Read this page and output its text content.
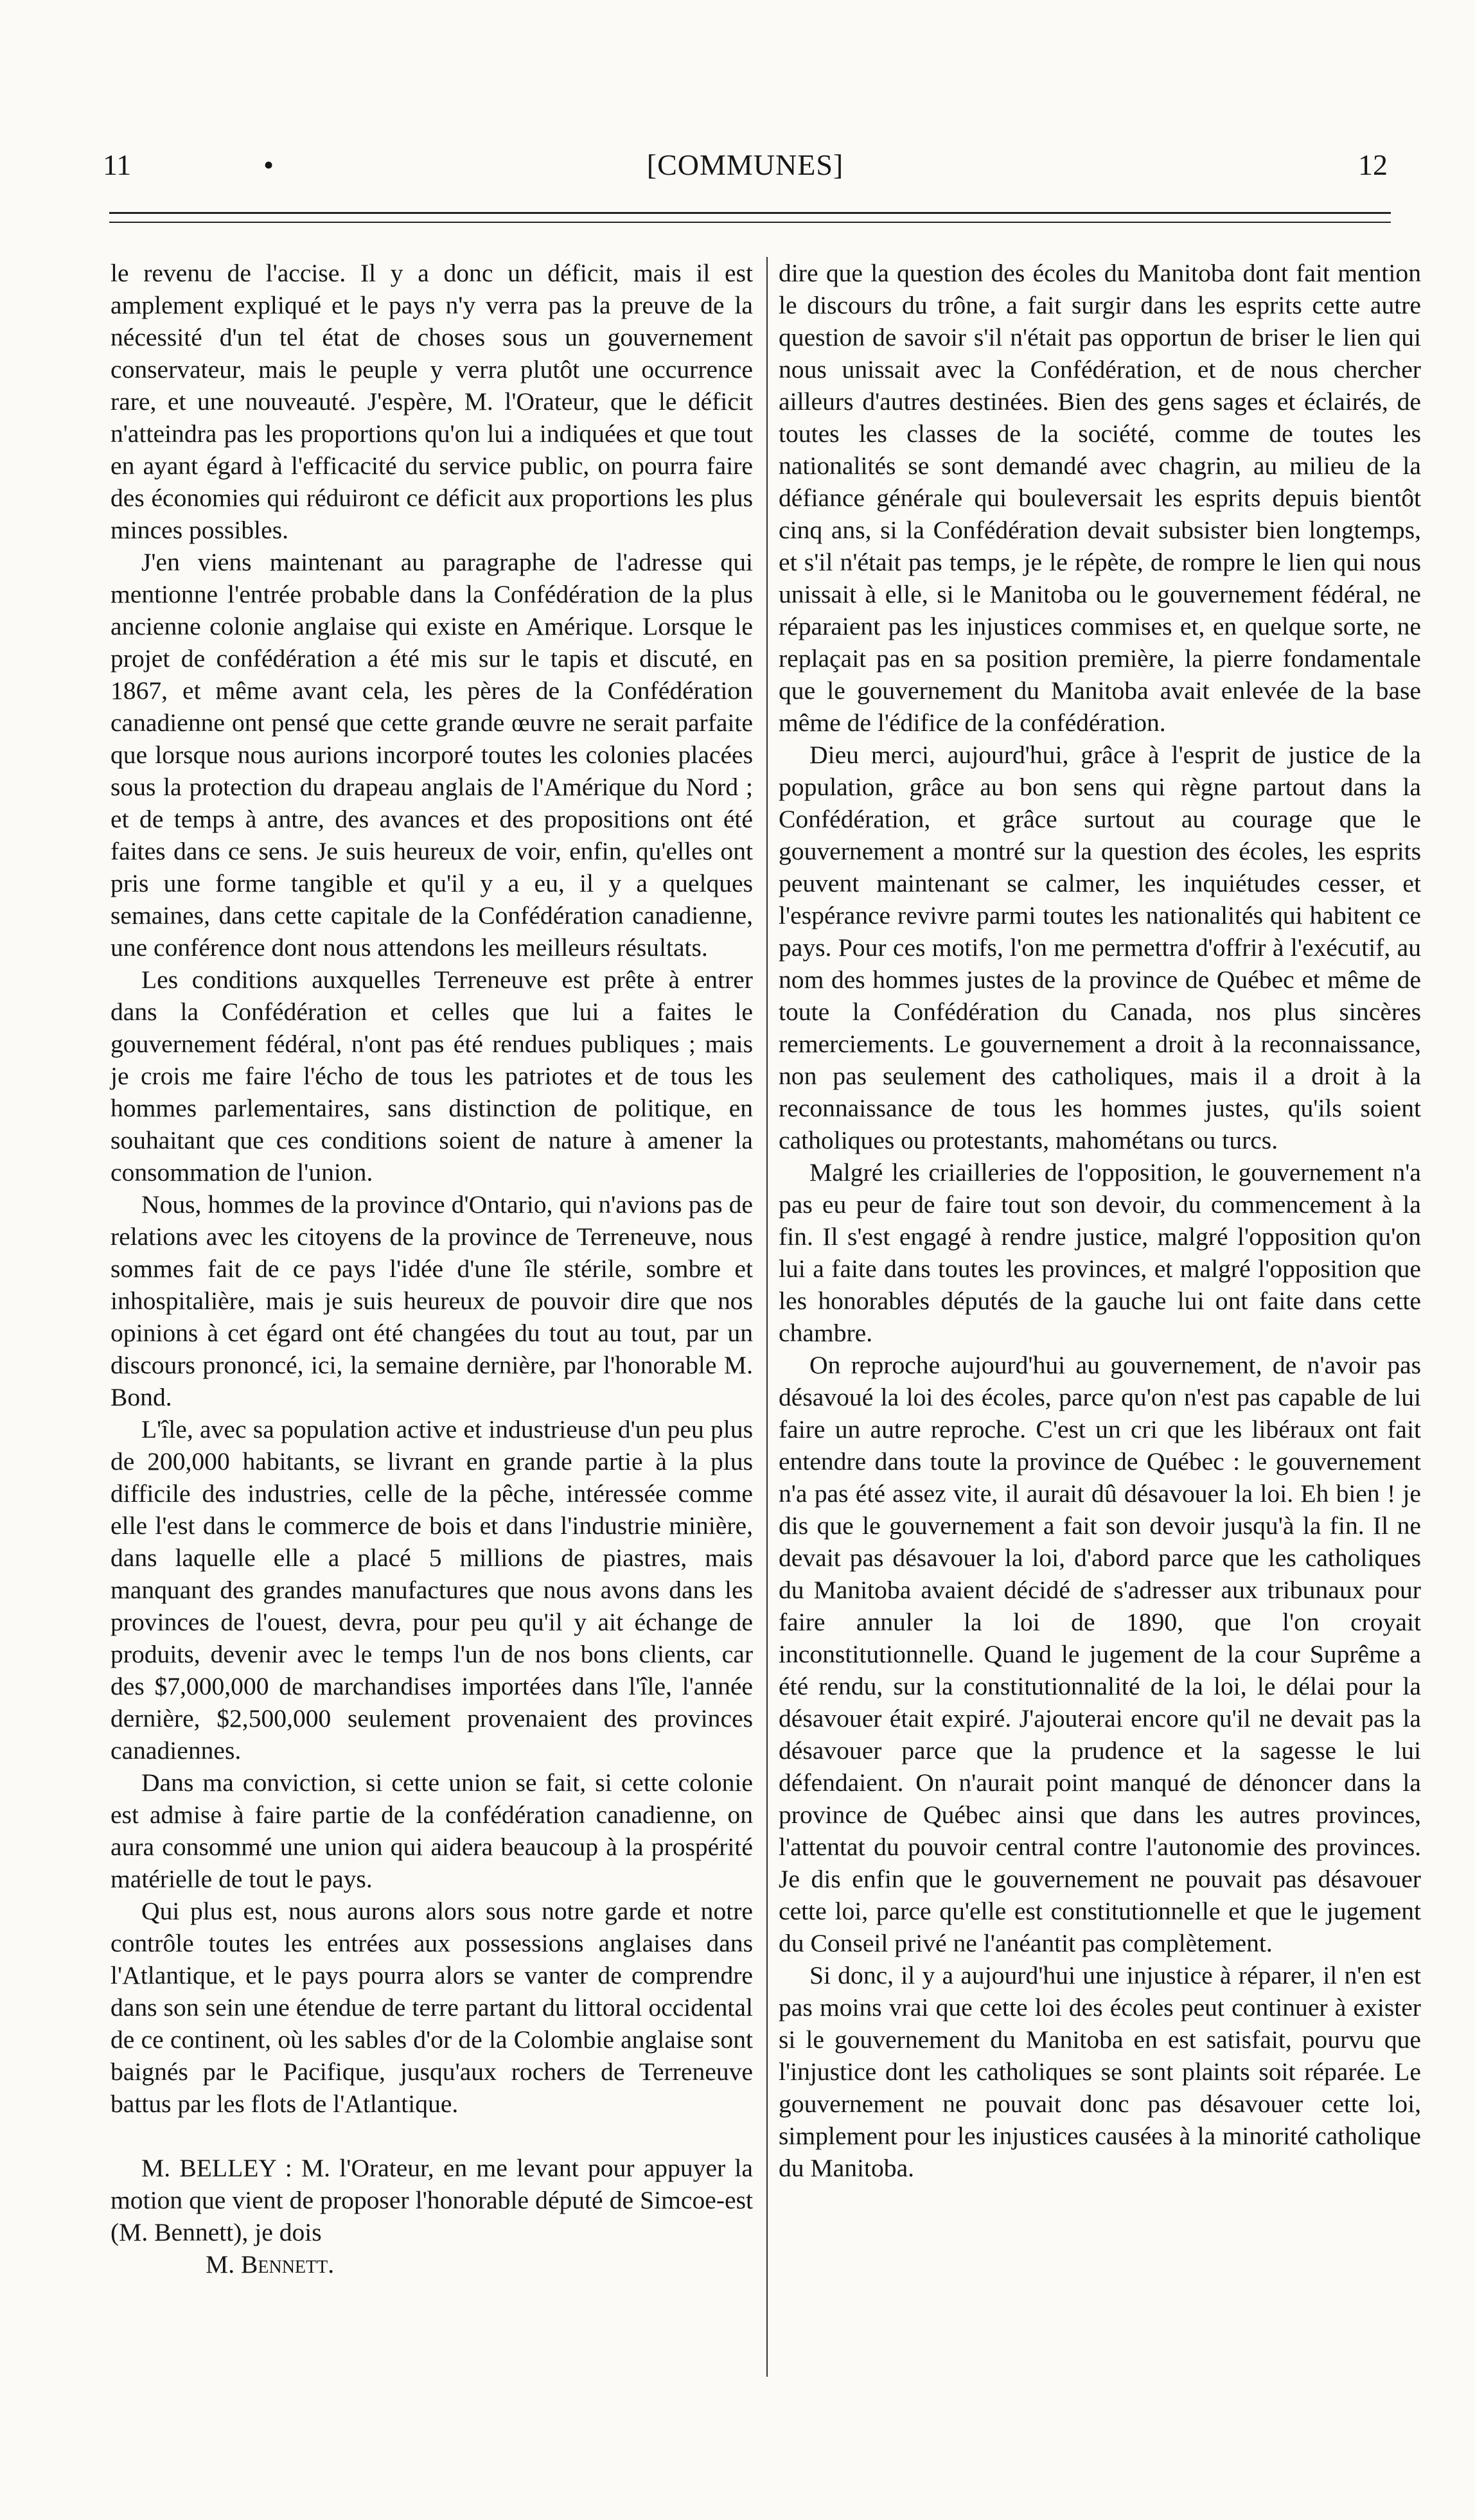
11	•	[COMMUNES]	12

le revenu de l'accise. Il y a donc un déficit, mais il est amplement expliqué et le pays n'y verra pas la preuve de la nécessité d'un tel état de choses sous un gouvernement conservateur, mais le peuple y verra plutôt une occurrence rare, et une nouveauté. J'espère, M. l'Orateur, que le déficit n'atteindra pas les proportions qu'on lui a indiquées et que tout en ayant égard à l'efficacité du service public, on pourra faire des économies qui réduiront ce déficit aux proportions les plus minces possibles.

J'en viens maintenant au paragraphe de l'adresse qui mentionne l'entrée probable dans la Confédération de la plus ancienne colonie anglaise qui existe en Amérique. Lorsque le projet de confédération a été mis sur le tapis et discuté, en 1867, et même avant cela, les pères de la Confédération canadienne ont pensé que cette grande œuvre ne serait parfaite que lorsque nous aurions incorporé toutes les colonies placées sous la protection du drapeau anglais de l'Amérique du Nord ; et de temps à antre, des avances et des propositions ont été faites dans ce sens. Je suis heureux de voir, enfin, qu'elles ont pris une forme tangible et qu'il y a eu, il y a quelques semaines, dans cette capitale de la Confédération canadienne, une conférence dont nous attendons les meilleurs résultats.

Les conditions auxquelles Terreneuve est prête à entrer dans la Confédération et celles que lui a faites le gouvernement fédéral, n'ont pas été rendues publiques ; mais je crois me faire l'écho de tous les patriotes et de tous les hommes parlementaires, sans distinction de politique, en souhaitant que ces conditions soient de nature à amener la consommation de l'union.

Nous, hommes de la province d'Ontario, qui n'avions pas de relations avec les citoyens de la province de Terreneuve, nous sommes fait de ce pays l'idée d'une île stérile, sombre et inhospitalière, mais je suis heureux de pouvoir dire que nos opinions à cet égard ont été changées du tout au tout, par un discours prononcé, ici, la semaine dernière, par l'honorable M. Bond.

L'île, avec sa population active et industrieuse d'un peu plus de 200,000 habitants, se livrant en grande partie à la plus difficile des industries, celle de la pêche, intéressée comme elle l'est dans le commerce de bois et dans l'industrie minière, dans laquelle elle a placé 5 millions de piastres, mais manquant des grandes manufactures que nous avons dans les provinces de l'ouest, devra, pour peu qu'il y ait échange de produits, devenir avec le temps l'un de nos bons clients, car des $7,000,000 de marchandises importées dans l'île, l'année dernière, $2,500,000 seulement provenaient des provinces canadiennes.

Dans ma conviction, si cette union se fait, si cette colonie est admise à faire partie de la confédération canadienne, on aura consommé une union qui aidera beaucoup à la prospérité matérielle de tout le pays.

Qui plus est, nous aurons alors sous notre garde et notre contrôle toutes les entrées aux possessions anglaises dans l'Atlantique, et le pays pourra alors se vanter de comprendre dans son sein une étendue de terre partant du littoral occidental de ce continent, où les sables d'or de la Colombie anglaise sont baignés par le Pacifique, jusqu'aux rochers de Terreneuve battus par les flots de l'Atlantique.

M. BELLEY : M. l'Orateur, en me levant pour appuyer la motion que vient de proposer l'honorable député de Simcoe-est (M. Bennett), je dois

M. Bennett.

dire que la question des écoles du Manitoba dont fait mention le discours du trône, a fait surgir dans les esprits cette autre question de savoir s'il n'était pas opportun de briser le lien qui nous unissait avec la Confédération, et de nous chercher ailleurs d'autres destinées. Bien des gens sages et éclairés, de toutes les classes de la société, comme de toutes les nationalités se sont demandé avec chagrin, au milieu de la défiance générale qui bouleversait les esprits depuis bientôt cinq ans, si la Confédération devait subsister bien longtemps, et s'il n'était pas temps, je le répète, de rompre le lien qui nous unissait à elle, si le Manitoba ou le gouvernement fédéral, ne réparaient pas les injustices commises et, en quelque sorte, ne replaçait pas en sa position première, la pierre fondamentale que le gouvernement du Manitoba avait enlevée de la base même de l'édifice de la confédération.

Dieu merci, aujourd'hui, grâce à l'esprit de justice de la population, grâce au bon sens qui règne partout dans la Confédération, et grâce surtout au courage que le gouvernement a montré sur la question des écoles, les esprits peuvent maintenant se calmer, les inquiétudes cesser, et l'espérance revivre parmi toutes les nationalités qui habitent ce pays. Pour ces motifs, l'on me permettra d'offrir à l'exécutif, au nom des hommes justes de la province de Québec et même de toute la Confédération du Canada, nos plus sincères remerciements. Le gouvernement a droit à la reconnaissance, non pas seulement des catholiques, mais il a droit à la reconnaissance de tous les hommes justes, qu'ils soient catholiques ou protestants, mahométans ou turcs.

Malgré les criailleries de l'opposition, le gouvernement n'a pas eu peur de faire tout son devoir, du commencement à la fin. Il s'est engagé à rendre justice, malgré l'opposition qu'on lui a faite dans toutes les provinces, et malgré l'opposition que les honorables députés de la gauche lui ont faite dans cette chambre.

On reproche aujourd'hui au gouvernement, de n'avoir pas désavoué la loi des écoles, parce qu'on n'est pas capable de lui faire un autre reproche. C'est un cri que les libéraux ont fait entendre dans toute la province de Québec : le gouvernement n'a pas été assez vite, il aurait dû désavouer la loi. Eh bien ! je dis que le gouvernement a fait son devoir jusqu'à la fin. Il ne devait pas désavouer la loi, d'abord parce que les catholiques du Manitoba avaient décidé de s'adresser aux tribunaux pour faire annuler la loi de 1890, que l'on croyait inconstitutionnelle. Quand le jugement de la cour Suprême a été rendu, sur la constitutionnalité de la loi, le délai pour la désavouer était expiré. J'ajouterai encore qu'il ne devait pas la désavouer parce que la prudence et la sagesse le lui défendaient. On n'aurait point manqué de dénoncer dans la province de Québec ainsi que dans les autres provinces, l'attentat du pouvoir central contre l'autonomie des provinces. Je dis enfin que le gouvernement ne pouvait pas désavouer cette loi, parce qu'elle est constitutionnelle et que le jugement du Conseil privé ne l'anéantit pas complètement.

Si donc, il y a aujourd'hui une injustice à réparer, il n'en est pas moins vrai que cette loi des écoles peut continuer à exister si le gouvernement du Manitoba en est satisfait, pourvu que l'injustice dont les catholiques se sont plaints soit réparée. Le gouvernement ne pouvait donc pas désavouer cette loi, simplement pour les injustices causées à la minorité catholique du Manitoba.
